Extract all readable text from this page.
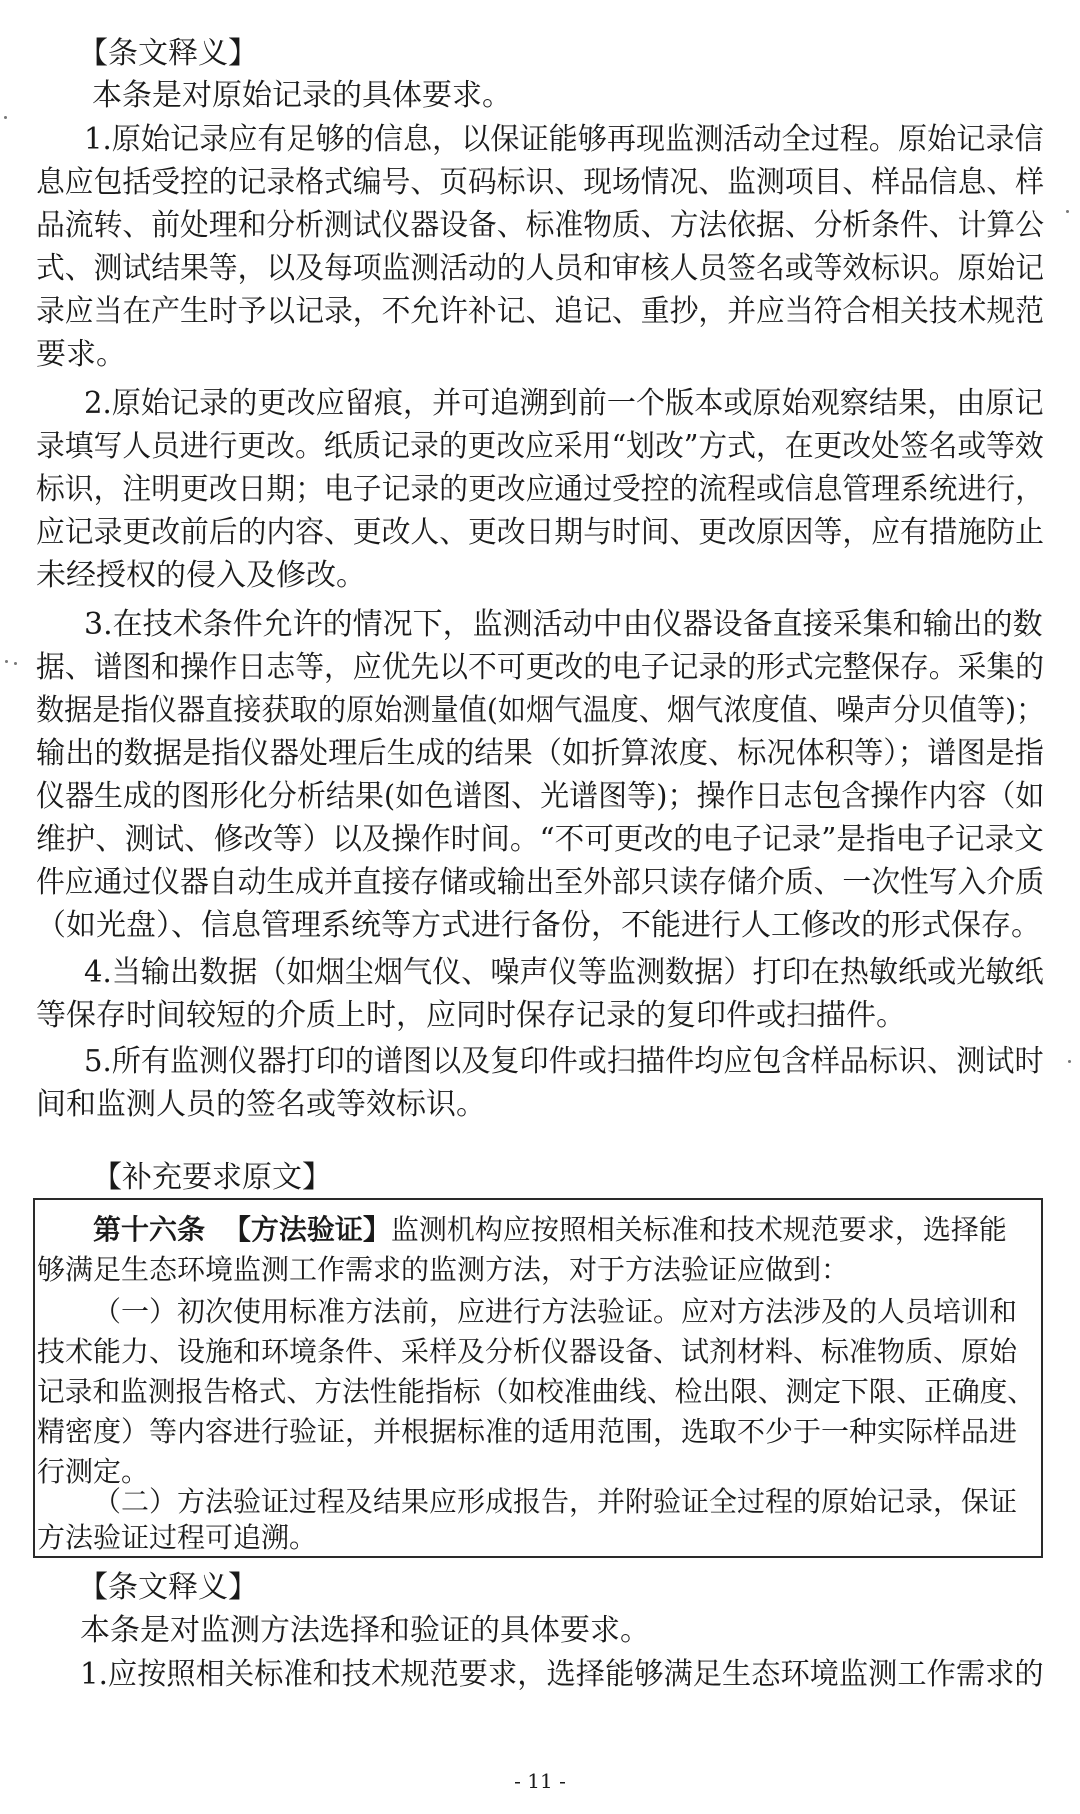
【条文释义】
本条是对原始记录的具体要求。
1.原始记录应有足够的信息，以保证能够再现监测活动全过程。原始记录信
息应包括受控的记录格式编号、页码标识、现场情况、监测项目、样品信息、样
品流转、前处理和分析测试仪器设备、标准物质、方法依据、分析条件、计算公
式、测试结果等，以及每项监测活动的人员和审核人员签名或等效标识。原始记
录应当在产生时予以记录，不允许补记、追记、重抄，并应当符合相关技术规范
要求。
2.原始记录的更改应留痕，并可追溯到前一个版本或原始观察结果，由原记
录填写人员进行更改。纸质记录的更改应采用“划改”方式，在更改处签名或等效
标识，注明更改日期；电子记录的更改应通过受控的流程或信息管理系统进行，
应记录更改前后的内容、更改人、更改日期与时间、更改原因等，应有措施防止
未经授权的侵入及修改。
3.在技术条件允许的情况下，监测活动中由仪器设备直接采集和输出的数
据、谱图和操作日志等，应优先以不可更改的电子记录的形式完整保存。采集的
数据是指仪器直接获取的原始测量值(如烟气温度、烟气浓度值、噪声分贝值等)；
输出的数据是指仪器处理后生成的结果（如折算浓度、标况体积等）；谱图是指
仪器生成的图形化分析结果(如色谱图、光谱图等)；操作日志包含操作内容（如
维护、测试、修改等）以及操作时间。“不可更改的电子记录”是指电子记录文
件应通过仪器自动生成并直接存储或输出至外部只读存储介质、一次性写入介质
（如光盘）、信息管理系统等方式进行备份，不能进行人工修改的形式保存。
4.当输出数据（如烟尘烟气仪、噪声仪等监测数据）打印在热敏纸或光敏纸
等保存时间较短的介质上时，应同时保存记录的复印件或扫描件。
5.所有监测仪器打印的谱图以及复印件或扫描件均应包含样品标识、测试时
间和监测人员的签名或等效标识。
【补充要求原文】
第十六条 【方法验证】监测机构应按照相关标准和技术规范要求，选择能
够满足生态环境监测工作需求的监测方法，对于方法验证应做到：
（一）初次使用标准方法前，应进行方法验证。应对方法涉及的人员培训和
技术能力、设施和环境条件、采样及分析仪器设备、试剂材料、标准物质、原始
记录和监测报告格式、方法性能指标（如校准曲线、检出限、测定下限、正确度、
精密度）等内容进行验证，并根据标准的适用范围，选取不少于一种实际样品进
行测定。
（二）方法验证过程及结果应形成报告，并附验证全过程的原始记录，保证
方法验证过程可追溯。
【条文释义】
本条是对监测方法选择和验证的具体要求。
1.应按照相关标准和技术规范要求，选择能够满足生态环境监测工作需求的
- 11 -
